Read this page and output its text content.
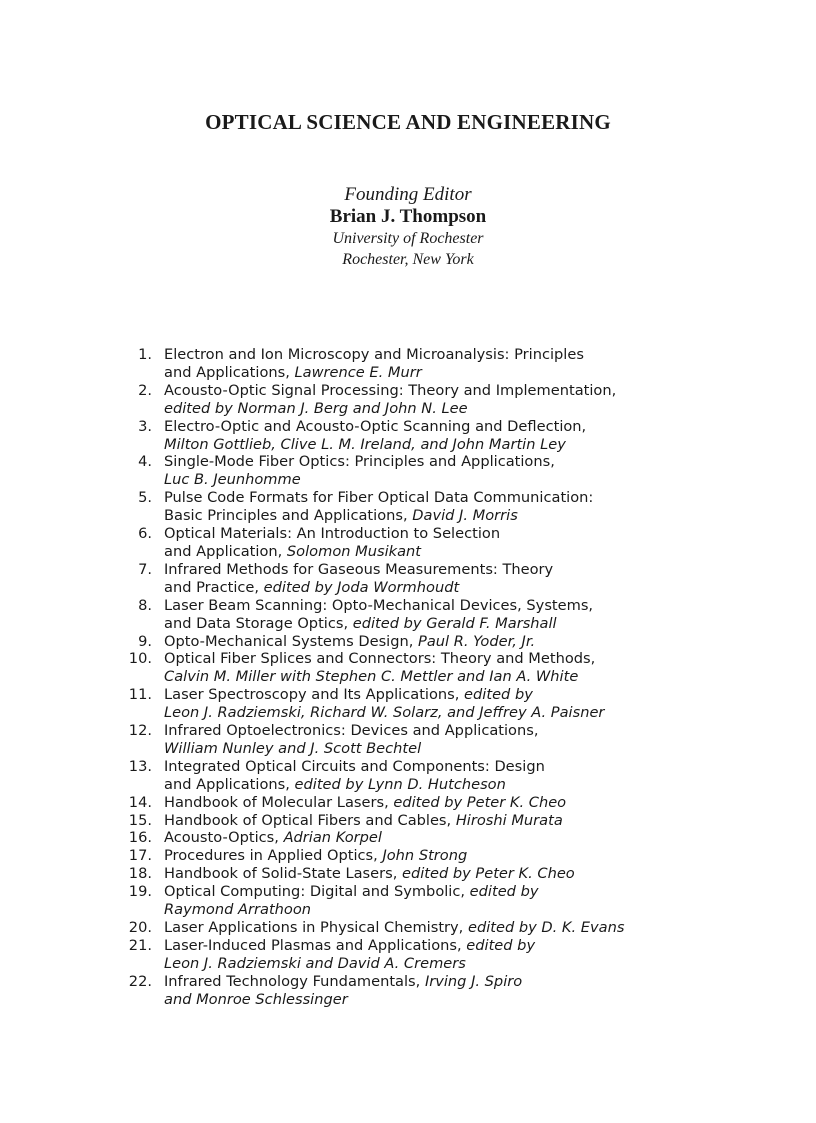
OPTICAL SCIENCE AND ENGINEERING
Founding Editor
Brian J. Thompson
University of Rochester
Rochester, New York
1. Electron and Ion Microscopy and Microanalysis: Principles
and Applications, Lawrence E. Murr
2. Acousto-Optic Signal Processing: Theory and Implementation,
edited by Norman J. Berg and John N. Lee
3. Electro-Optic and Acousto-Optic Scanning and Deflection,
Milton Gottlieb, Clive L. M. Ireland, and John Martin Ley
4. Single-Mode Fiber Optics: Principles and Applications,
Luc B. Jeunhomme
5. Pulse Code Formats for Fiber Optical Data Communication:
Basic Principles and Applications, David J. Morris
6. Optical Materials: An Introduction to Selection
and Application, Solomon Musikant
7. Infrared Methods for Gaseous Measurements: Theory
and Practice, edited by Joda Wormhoudt
8. Laser Beam Scanning: Opto-Mechanical Devices, Systems,
and Data Storage Optics, edited by Gerald F. Marshall
9. Opto-Mechanical Systems Design, Paul R. Yoder, Jr.
10. Optical Fiber Splices and Connectors: Theory and Methods,
Calvin M. Miller with Stephen C. Mettler and Ian A. White
11. Laser Spectroscopy and Its Applications, edited by
Leon J. Radziemski, Richard W. Solarz, and Jeffrey A. Paisner
12. Infrared Optoelectronics: Devices and Applications,
William Nunley and J. Scott Bechtel
13. Integrated Optical Circuits and Components: Design
and Applications, edited by Lynn D. Hutcheson
14. Handbook of Molecular Lasers, edited by Peter K. Cheo
15. Handbook of Optical Fibers and Cables, Hiroshi Murata
16. Acousto-Optics, Adrian Korpel
17. Procedures in Applied Optics, John Strong
18. Handbook of Solid-State Lasers, edited by Peter K. Cheo
19. Optical Computing: Digital and Symbolic, edited by
Raymond Arrathoon
20. Laser Applications in Physical Chemistry, edited by D. K. Evans
21. Laser-Induced Plasmas and Applications, edited by
Leon J. Radziemski and David A. Cremers
22. Infrared Technology Fundamentals, Irving J. Spiro
and Monroe Schlessinger
